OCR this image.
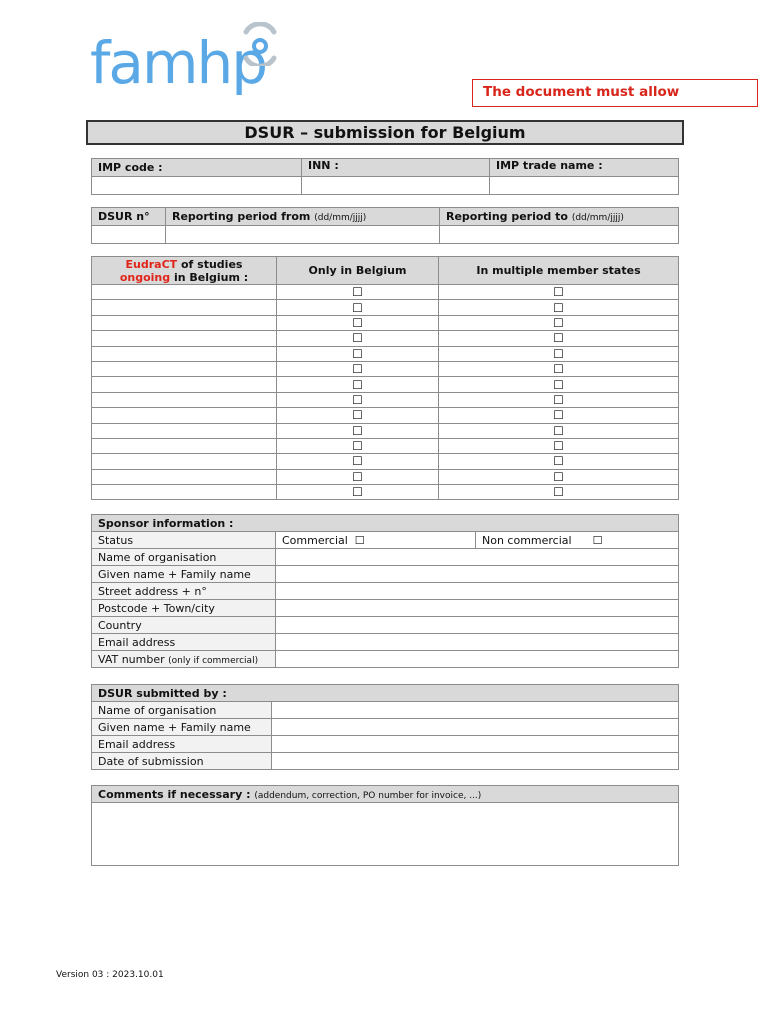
famhp	The document must allow
DSUR – submission for Belgium
IMP code :	INN :	IMP trade name :

DSUR n°	Reporting period from (dd/mm/jjjj)	Reporting period to (dd/mm/jjjj)

EudraCT of studies
ongoing in Belgium :	Only in Belgium	In multiple member states
	☐	☐
	☐	☐
	☐	☐
	☐	☐
	☐	☐
	☐	☐
	☐	☐
	☐	☐
	☐	☐
	☐	☐
	☐	☐
	☐	☐
	☐	☐
	☐	☐
Sponsor information :		
Status	Commercial ☐	Non commercial ☐
Name of organisation		
Given name + Family name		
Street address + n°		
Postcode + Town/city		
Country		
Email address		
VAT number (only if commercial)		
DSUR submitted by :	
Name of organisation	
Given name + Family name	
Email address	
Date of submission	
Comments if necessary : (addendum, correction, PO number for invoice, ...)

Version 03 : 2023.10.01
